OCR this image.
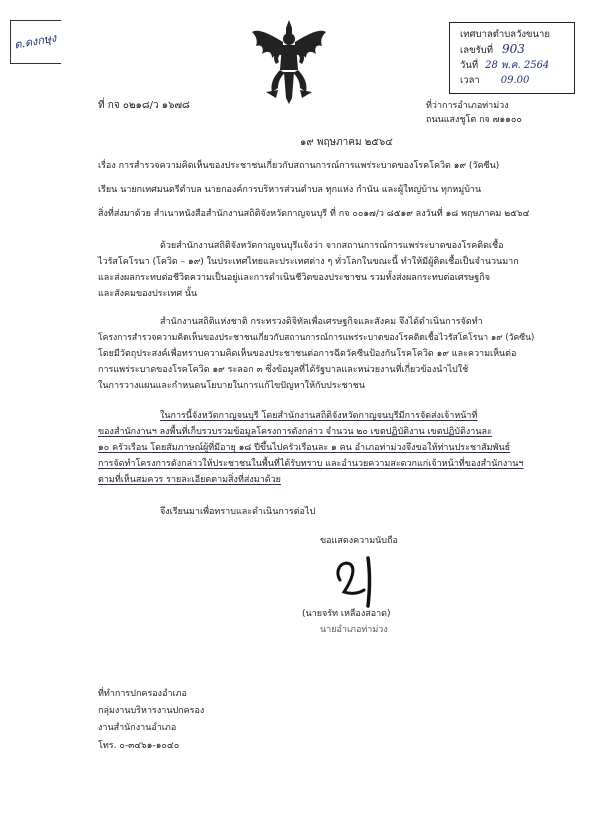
ต.ดงกษุง	เทศบาลตำบลวังขนาย
เลขรับที่ 903
วันที่ 28 พ.ค. 2564
เวลา 09.00
ที่ กจ ๐๒๑๘/ว ๑๖๗๘	ที่ว่าการอำเภอท่าม่วง
ถนนแสงชูโต กจ ๗๑๑๐๐
๑๙ พฤษภาคม ๒๕๖๔
เรื่อง การสำรวจความคิดเห็นของประชาชนเกี่ยวกับสถานการณ์การแพร่ระบาดของโรคโควิด ๑๙ (วัคซีน)
เรียน นายกเทศมนตรีตำบล นายกองค์การบริหารส่วนตำบล ทุกแห่ง กำนัน และผู้ใหญ่บ้าน ทุกหมู่บ้าน
สิ่งที่ส่งมาด้วย สำเนาหนังสือสำนักงานสถิติจังหวัดกาญจนบุรี ที่ กจ ๐๐๑๗/ว ๘๕๑๙ ลงวันที่ ๑๘ พฤษภาคม ๒๕๖๔
ด้วยสำนักงานสถิติจังหวัดกาญจนบุรีแจ้งว่า จากสถานการณ์การแพร่ระบาดของโรคติดเชื้อ
ไวรัสโคโรนา (โควิด – ๑๙) ในประเทศไทยและประเทศต่าง ๆ ทั่วโลกในขณะนี้ ทำให้มีผู้ติดเชื้อเป็นจำนวนมาก
และส่งผลกระทบต่อชีวิตความเป็นอยู่และการดำเนินชีวิตของประชาชน รวมทั้งส่งผลกระทบต่อเศรษฐกิจ
และสังคมของประเทศ นั้น
สำนักงานสถิติแห่งชาติ กระทรวงดิจิทัลเพื่อเศรษฐกิจและสังคม จึงได้ดำเนินการจัดทำ
โครงการสำรวจความคิดเห็นของประชาชนเกี่ยวกับสถานการณ์การแพร่ระบาดของโรคติดเชื้อไวรัสโคโรนา ๑๙ (วัคซีน)
โดยมีวัตถุประสงค์เพื่อทราบความคิดเห็นของประชาชนต่อการฉีดวัคซีนป้องกันโรคโควิด ๑๙ และความเห็นต่อ
การแพร่ระบาดของโรคโควิด ๑๙ ระลอก ๓ ซึ่งข้อมูลที่ได้รัฐบาลและหน่วยงานที่เกี่ยวข้องนำไปใช้
ในการวางแผนและกำหนดนโยบายในการแก้ไขปัญหาให้กับประชาชน
ในการนี้จังหวัดกาญจนบุรี โดยสำนักงานสถิติจังหวัดกาญจนบุรีมีการจัดส่งเจ้าหน้าที่
ของสำนักงานฯ ลงพื้นที่เก็บรวบรวมข้อมูลโครงการดังกล่าว จำนวน ๒๐ เขตปฏิบัติงาน เขตปฏิบัติงานละ
๑๐ ครัวเรือน โดยสัมภาษณ์ผู้ที่มีอายุ ๑๘ ปีขึ้นไปครัวเรือนละ ๑ คน อำเภอท่าม่วงจึงขอให้ท่านประชาสัมพันธ์
การจัดทำโครงการดังกล่าวให้ประชาชนในพื้นที่ได้รับทราบ และอำนวยความสะดวกแก่เจ้าหน้าที่ของสำนักงานฯ
ตามที่เห็นสมควร รายละเอียดตามสิ่งที่ส่งมาด้วย
จึงเรียนมาเพื่อทราบและดำเนินการต่อไป
ขอแสดงความนับถือ
(นายจรัท เหลืองสอาด)
นายอำเภอท่าม่วง
ที่ทำการปกครองอำเภอ
กลุ่มงานบริหารงานปกครอง
งานสำนักงานอำเภอ
โทร. ๐-๓๔๖๑-๑๐๔๐
